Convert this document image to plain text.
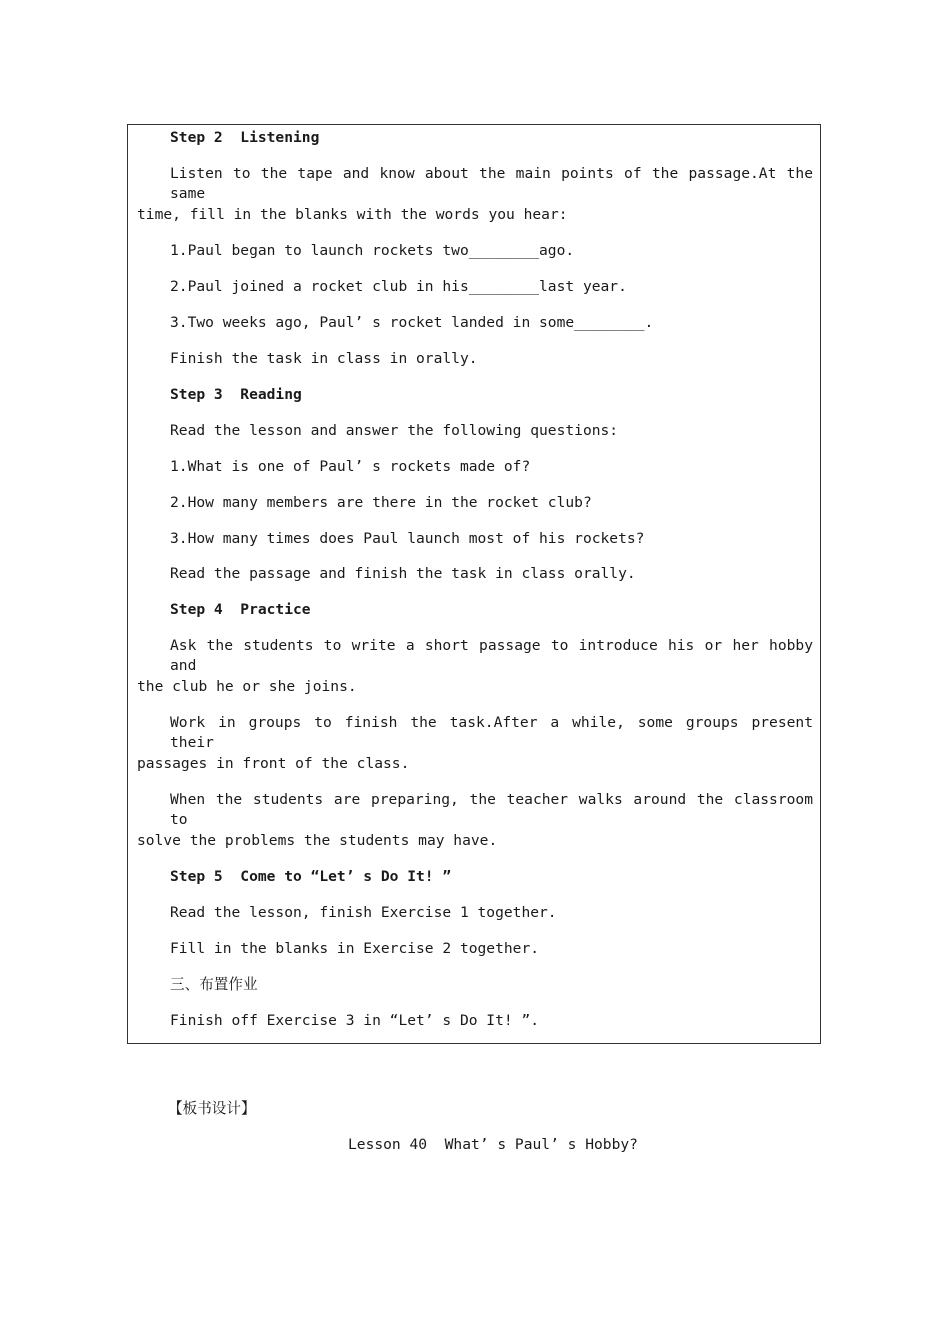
Step 2  Listening

Listen to the tape and know about the main points of the passage.At the same

time, fill in the blanks with the words you hear:

1.Paul began to launch rockets two________ago.

2.Paul joined a rocket club in his________last year.

3.Two weeks ago, Paul’ s rocket landed in some________.

Finish the task in class in orally.

Step 3  Reading

Read the lesson and answer the following questions:

1.What is one of Paul’ s rockets made of?

2.How many members are there in the rocket club?

3.How many times does Paul launch most of his rockets?

Read the passage and finish the task in class orally.

Step 4  Practice

Ask the students to write a short passage to introduce his or her hobby and

the club he or she joins.

Work in groups to finish the task.After a while, some groups present their

passages in front of the class.

When the students are preparing, the teacher walks around the classroom to

solve the problems the students may have.

Step 5  Come to “Let’ s Do It! ”

Read the lesson, finish Exercise 1 together.

Fill in the blanks in Exercise 2 together.

三、布置作业

Finish off Exercise 3 in “Let’ s Do It! ”.

【板书设计】

Lesson 40  What’ s Paul’ s Hobby?
